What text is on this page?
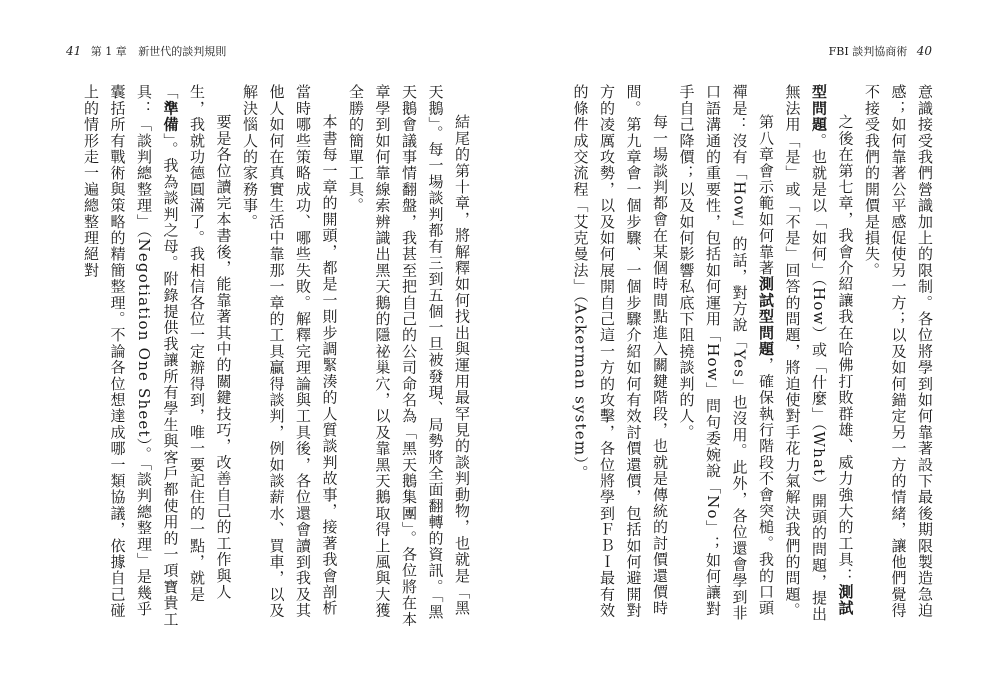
41 第 1 章 新世代的談判規則	FBI 談判協商術 40

意識接受我們營識加上的限制。各位將學到如何靠著設下最後期限製造急迫感；如何靠著公平感促使另一方；以及如何錨定另一方的情緒，讓他們覺得不接受我們的開價是損失。

之後在第七章，我會介紹讓我在哈佛打敗群雄、威力強大的工具：測試型問題。也就是以「如何」（How）或「什麼」（What）開頭的問題，提出無法用「是」或「不是」回答的問題，將迫使對手花力氣解決我們的問題。

第八章會示範如何靠著測試型問題，確保執行階段不會突槌。我的口頭禪是：沒有「How」的話，對方說「Yes」也沒用。此外，各位還會學到非口語溝通的重要性，包括如何運用「How」問句委婉說「No」；如何讓對手自己降價；以及如何影響私底下阻撓談判的人。

每一場談判都會在某個時間點進入關鍵階段，也就是傳統的討價還價時間。第九章會一個步驟、一個步驟介紹如何有效討價還價，包括如何避開對方的凌厲攻勢，以及如何展開自己這一方的攻擊，各位將學到ＦＢＩ最有效的條件成交流程「艾克曼法」（Ackerman system）。

結尾的第十章，將解釋如何找出與運用最罕見的談判動物，也就是「黑天鵝」。每一場談判都有三到五個一旦被發現、局勢將全面翻轉的資訊。「黑天鵝會議事情翻盤，我甚至把自己的公司命名為「黑天鵝集團」。各位將在本章學到如何靠線索辨識出黑天鵝的隱祕巢穴，以及靠黑天鵝取得上風與大獲全勝的簡單工具。

本書每一章的開頭，都是一則步調緊湊的人質談判故事，接著我會剖析當時哪些策略成功、哪些失敗。解釋完理論與工具後，各位還會讀到我及其他人如何在真實生活中靠那一章的工具贏得談判，例如談薪水、買車，以及解決惱人的家務事。

要是各位讀完本書後，能靠著其中的關鍵技巧，改善自己的工作與人生，我就功德圓滿了。我相信各位一定辦得到，唯一要記住的一點，就是「準備」。我為談判之母。附錄提供我讓所有學生與客戶都使用的一項寶貴工具：「談判總整理」（Negotiation One Sheet）。「談判總整理」是幾乎囊括所有戰術與策略的精簡整理。不論各位想達成哪一類協議，依據自己碰上的情形走一遍總整理絕對
